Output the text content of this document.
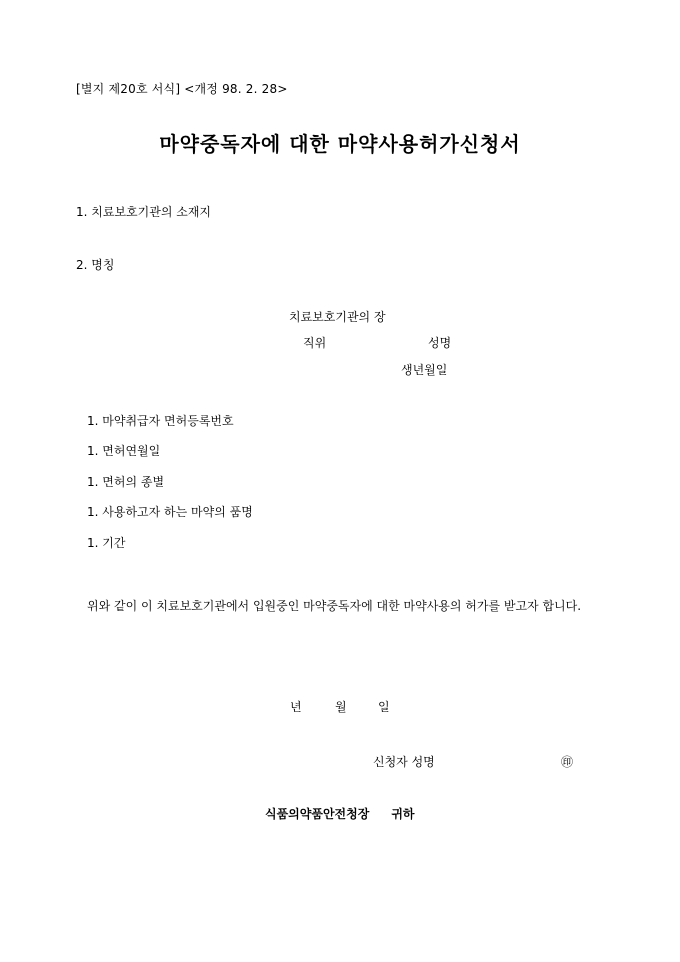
[별지 제20호 서식] <개정 98. 2. 28>
마약중독자에 대한 마약사용허가신청서
1. 치료보호기관의 소재지
2. 명칭
치료보호기관의 장
직위	성명
생년월일
1. 마약취급자 면허등록번호
1. 면허연월일
1. 면허의 종별
1. 사용하고자 하는 마약의 품명
1. 기간
위와 같이 이 치료보호기관에서 입원중인 마약중독자에 대한 마약사용의 허가를 받고자 합니다.
년	월	일
신청자 성명	㊞
식품의약품안전청장 귀하
